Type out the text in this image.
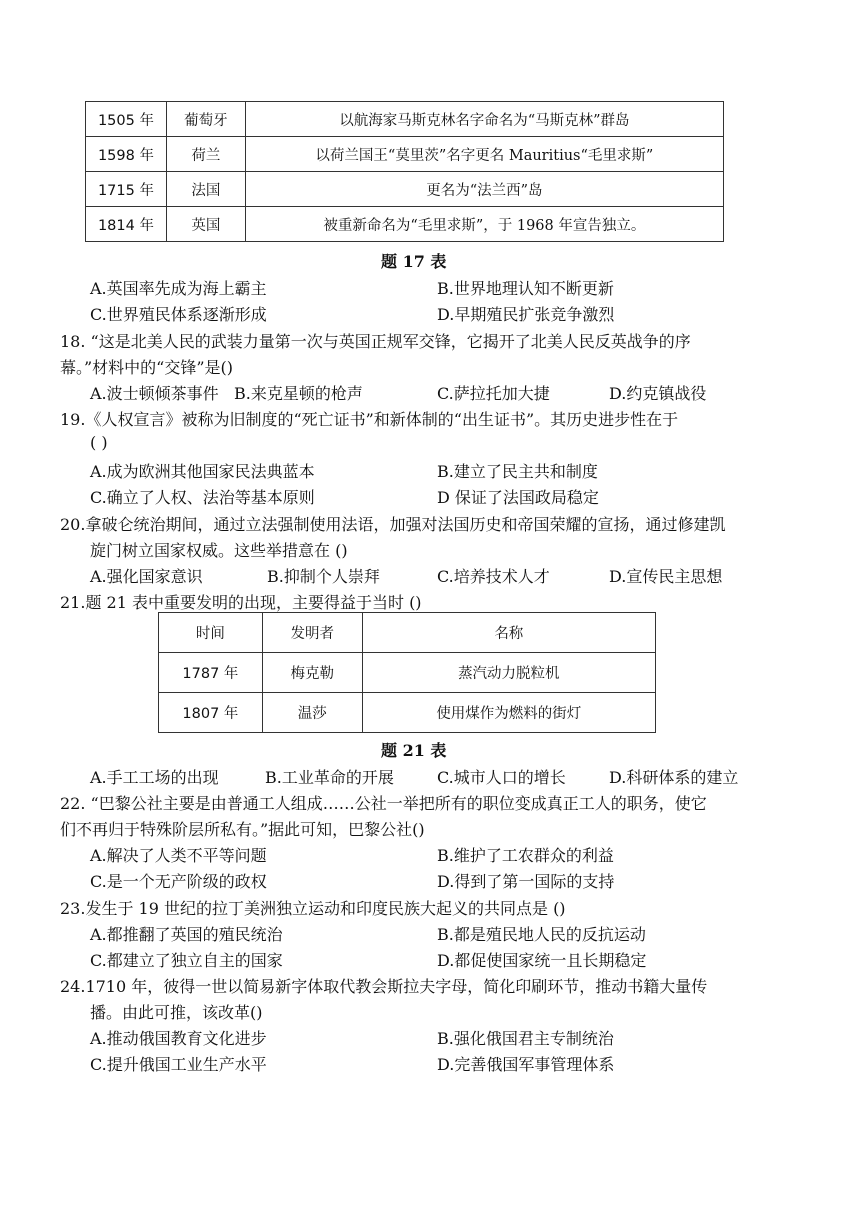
1505 年	葡萄牙	以航海家马斯克林名字命名为“马斯克林”群岛
1598 年	荷兰	以荷兰国王“莫里茨”名字更名 Mauritius“毛里求斯”
1715 年	法国	更名为“法兰西”岛
1814 年	英国	被重新命名为“毛里求斯”，于 1968 年宣告独立。
题 17 表
A.英国率先成为海上霸主	B.世界地理认知不断更新
C.世界殖民体系逐渐形成	D.早期殖民扩张竞争激烈
18. “这是北美人民的武装力量第一次与英国正规军交锋，它揭开了北美人民反英战争的序
幕。”材料中的“交锋”是()
A.波士顿倾茶事件 B.来克星顿的枪声	C.萨拉托加大捷	D.约克镇战役
19.《人权宣言》被称为旧制度的“死亡证书”和新体制的“出生证书”。其历史进步性在于
( )
A.成为欧洲其他国家民法典蓝本	B.建立了民主共和制度
C.确立了人权、法治等基本原则	D 保证了法国政局稳定
20.拿破仑统治期间，通过立法强制使用法语，加强对法国历史和帝国荣耀的宣扬，通过修建凯
旋门树立国家权威。这些举措意在 ()
A.强化国家意识	B.抑制个人崇拜	C.培养技术人才	D.宣传民主思想
21.题 21 表中重要发明的出现，主要得益于当时 ()
时间	发明者	名称
1787 年	梅克勒	蒸汽动力脱粒机
1807 年	温莎	使用煤作为燃料的街灯
题 21 表
A.手工工场的出现	B.工业革命的开展	C.城市人口的增长	D.科研体系的建立
22. “巴黎公社主要是由普通工人组成……公社一举把所有的职位变成真正工人的职务，使它
们不再归于特殊阶层所私有。”据此可知，巴黎公社()
A.解决了人类不平等问题	B.维护了工农群众的利益
C.是一个无产阶级的政权	D.得到了第一国际的支持
23.发生于 19 世纪的拉丁美洲独立运动和印度民族大起义的共同点是 ()
A.都推翻了英国的殖民统治	B.都是殖民地人民的反抗运动
C.都建立了独立自主的国家	D.都促使国家统一且长期稳定
24.1710 年，彼得一世以简易新字体取代教会斯拉夫字母，简化印刷环节，推动书籍大量传
播。由此可推，该改革()
A.推动俄国教育文化进步	B.强化俄国君主专制统治
C.提升俄国工业生产水平	D.完善俄国军事管理体系
